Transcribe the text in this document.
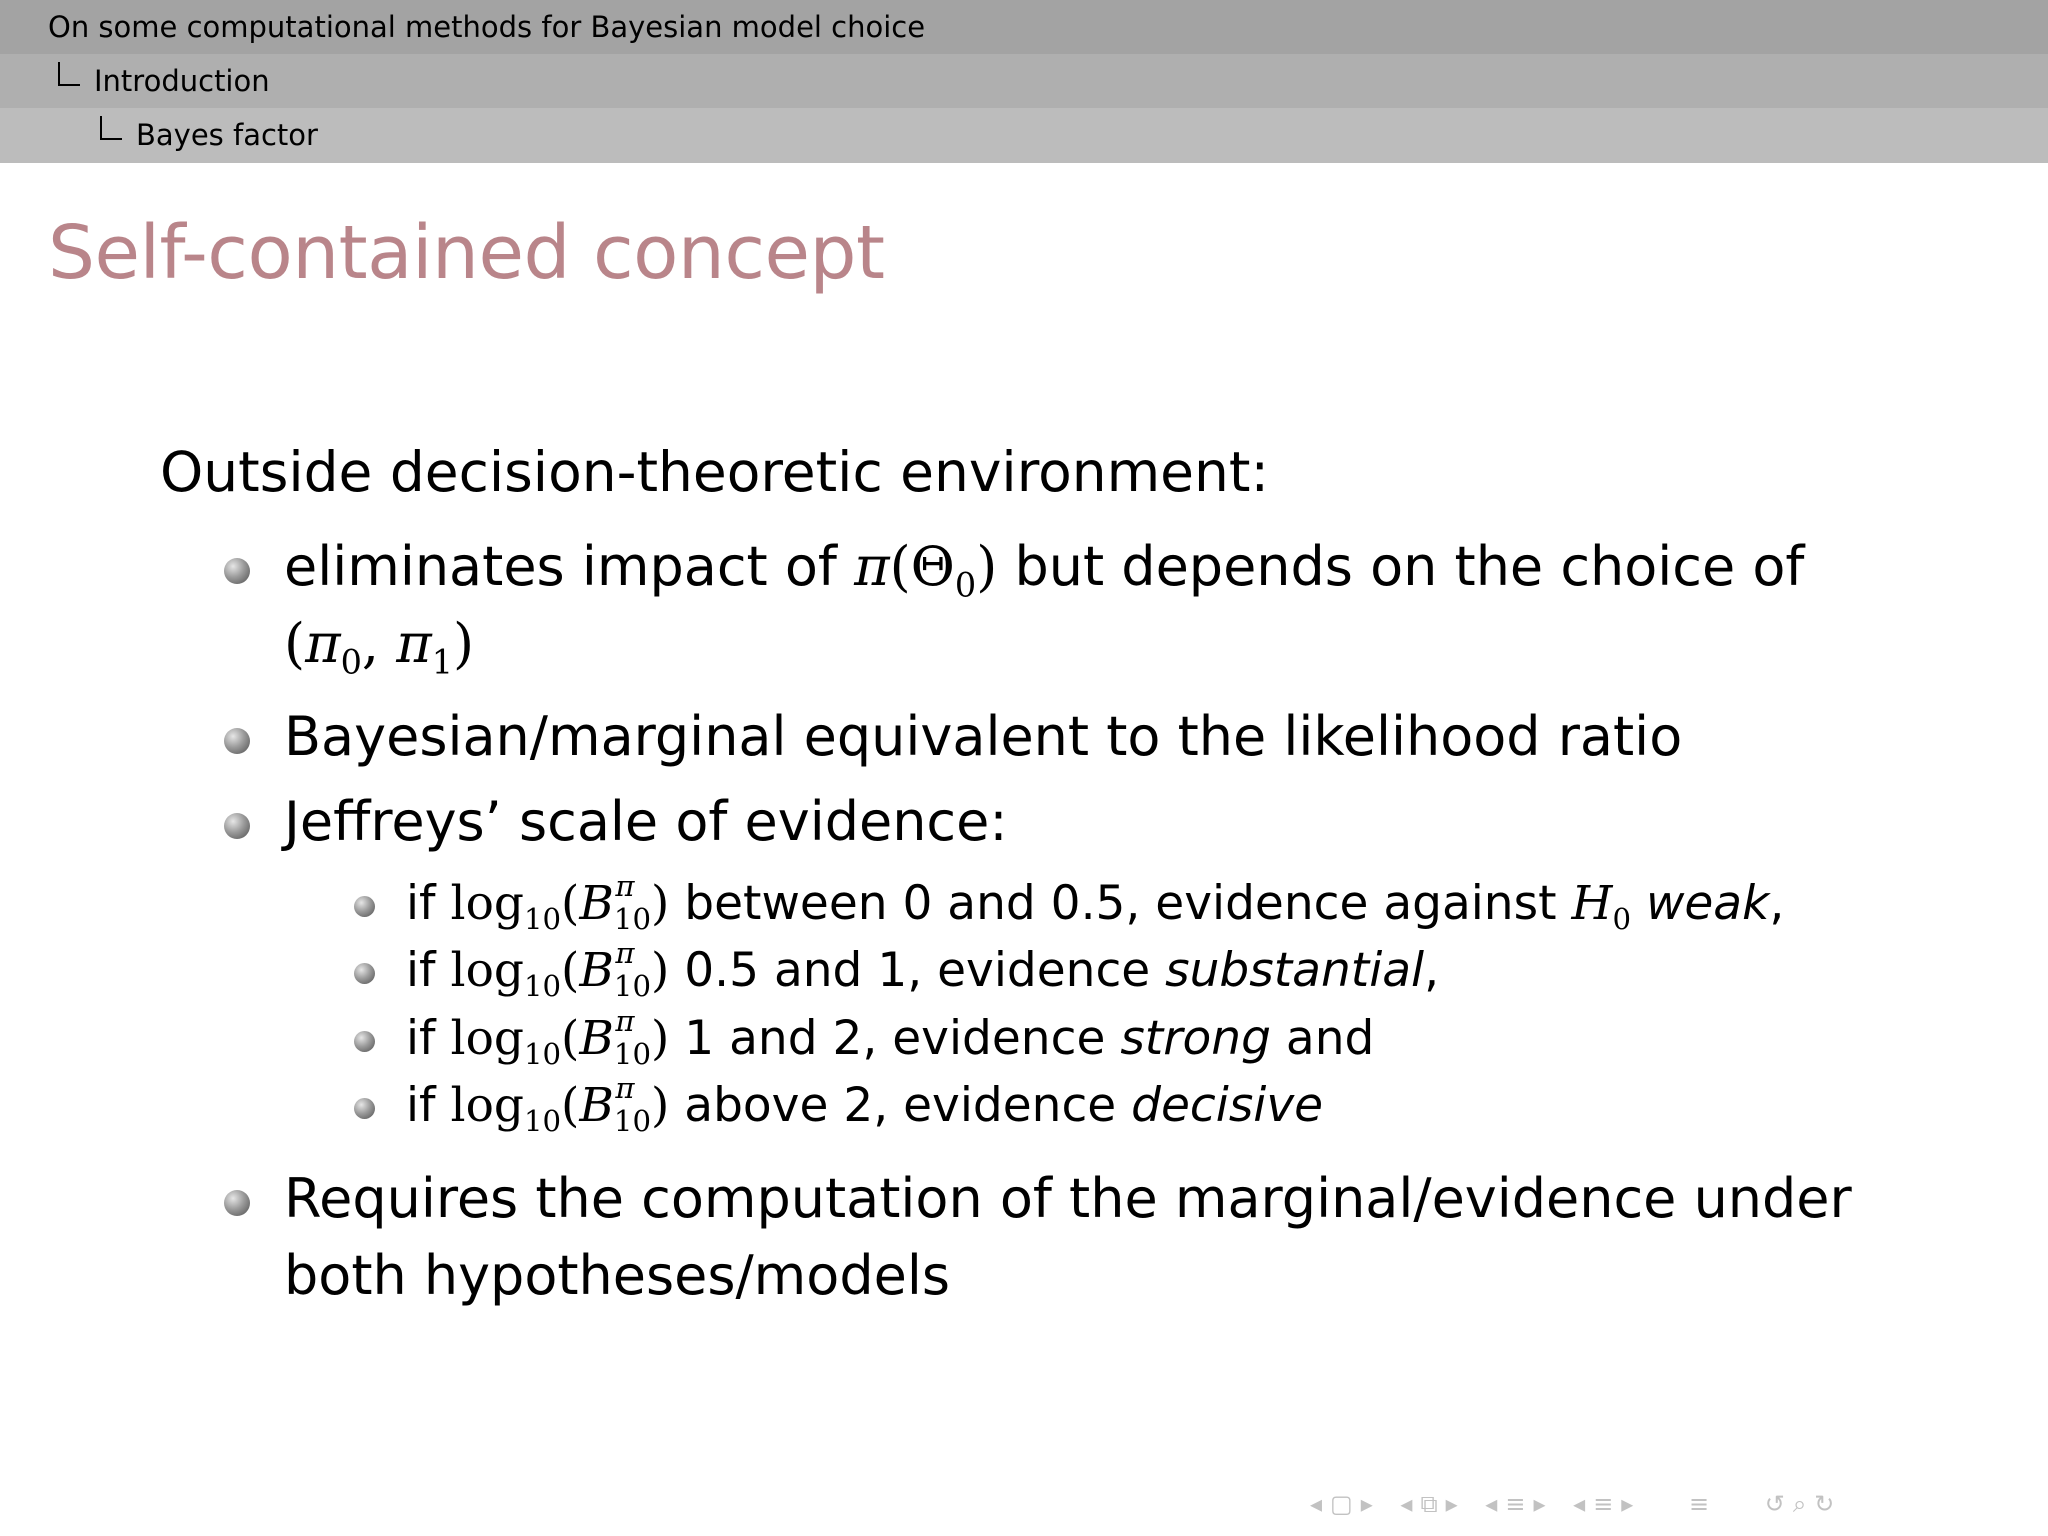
On some computational methods for Bayesian model choice
Introduction
Bayes factor
Self-contained concept
Outside decision-theoretic environment:
eliminates impact of $\pi(\Theta_0)$ but depends on the choice of
($\pi_0$, $\pi_1$)
Bayesian/marginal equivalent to the likelihood ratio
Jeffreys’ scale of evidence:
if $\log_{10}(B$ π
$_{10}$) between 0 and 0.5, evidence against $H_0$ weak,
if $\log_{10}(B$ π
$_{10}$) 0.5 and 1, evidence substantial,
if $\log_{10}(B$ π
$_{10}$) 1 and 2, evidence strong and
if $\log_{10}(B$ π
$_{10}$) above 2, evidence decisive
Requires the computation of the marginal/evidence under
both hypotheses/models
◂ ▢ ▸ ◂ ⧉ ▸ ◂ ≡ ▸ ◂ ≡ ▸ ≡ ↺ ⌕ ↻
